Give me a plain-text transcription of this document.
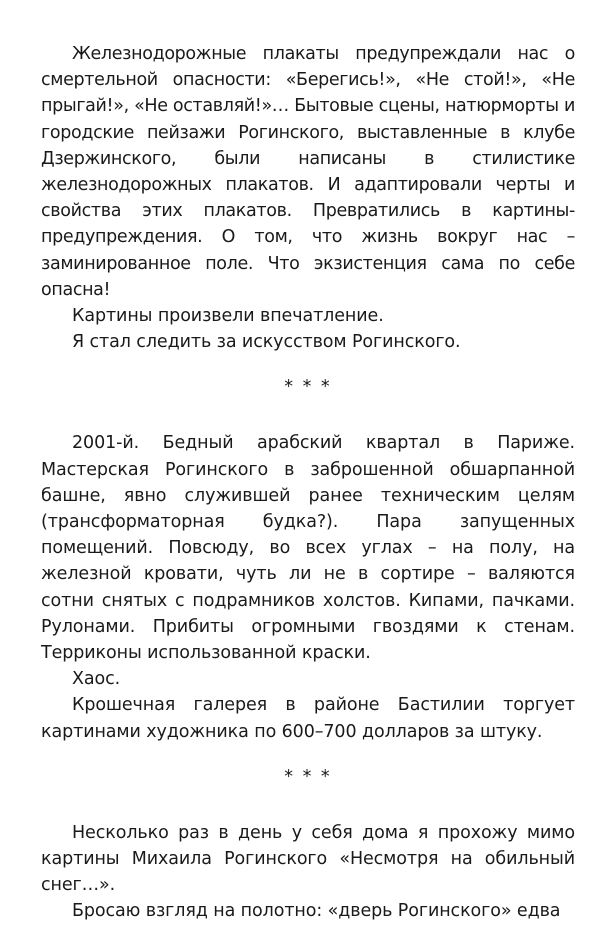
Железнодорожные плакаты предупреждали нас о смертельной опасности: «Берегись!», «Не стой!», «Не прыгай!», «Не оставляй!»… Бытовые сцены, натюрморты и городские пейзажи Рогинского, выставленные в клубе Дзержинского, были написаны в стилистике железнодорожных плакатов. И адаптировали черты и свойства этих плакатов. Превратились в картины-предупреждения. О том, что жизнь вокруг нас – заминированное поле. Что экзистенция сама по себе опасна!

Картины произвели впечатление.

Я стал следить за искусством Рогинского.

* * *

2001-й. Бедный арабский квартал в Париже. Мастерская Рогинского в заброшенной обшарпанной башне, явно служившей ранее техническим целям (трансформаторная будка?). Пара запущенных помещений. Повсюду, во всех углах – на полу, на железной кровати, чуть ли не в сортире – валяются сотни снятых с подрамников холстов. Кипами, пачками. Рулонами. Прибиты огромными гвоздями к стенам. Терриконы использованной краски.

Хаос.

Крошечная галерея в районе Бастилии торгует картинами художника по 600–700 долларов за штуку.

* * *

Несколько раз в день у себя дома я прохожу мимо картины Михаила Рогинского «Несмотря на обильный снег…».

Бросаю взгляд на полотно: «дверь Рогинского» едва
